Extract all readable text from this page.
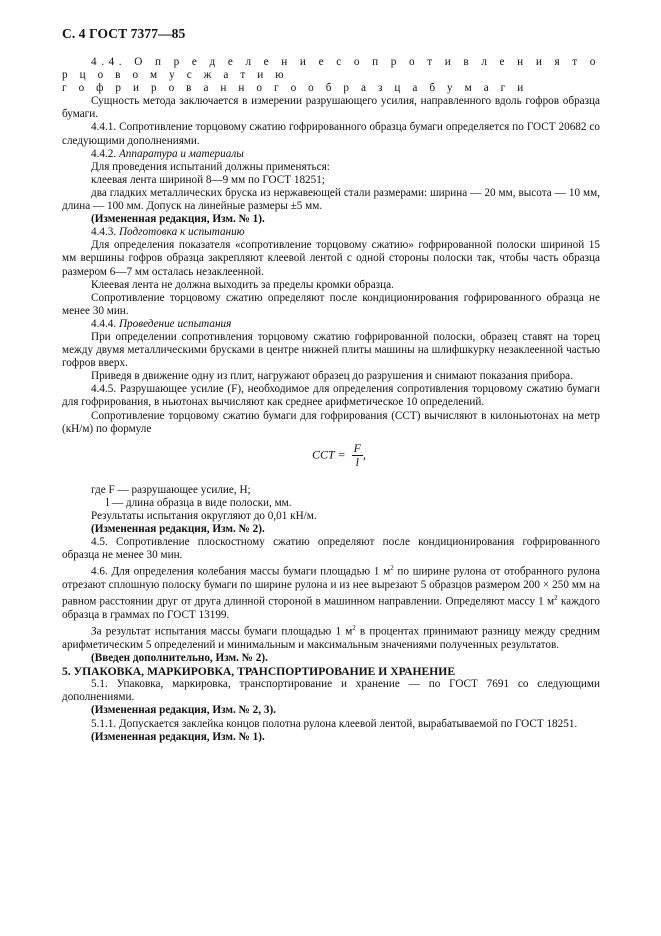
С. 4 ГОСТ 7377—85

4.4. О п р е д е л е н и е с о п р о т и в л е н и я т о р ц о в о м у с ж а т и ю

г о ф р и р о в а н н о г о о б р а з ц а б у м а г и

Сущность метода заключается в измерении разрушающего усилия, направленного вдоль гофров образца бумаги.

4.4.1. Сопротивление торцовому сжатию гофрированного образца бумаги определяется по ГОСТ 20682 со следующими дополнениями.

4.4.2. Аппаратура и материалы

Для проведения испытаний должны применяться:

клеевая лента шириной 8—9 мм по ГОСТ 18251;

два гладких металлических бруска из нержавеющей стали размерами: ширина — 20 мм, высота — 10 мм, длина — 100 мм. Допуск на линейные размеры ±5 мм.

(Измененная редакция, Изм. № 1).

4.4.3. Подготовка к испытанию

Для определения показателя «сопротивление торцовому сжатию» гофрированной полоски шириной 15 мм вершины гофров образца закрепляют клеевой лентой с одной стороны полоски так, чтобы часть образца размером 6—7 мм осталась незаклеенной.

Клеевая лента не должна выходить за пределы кромки образца.

Сопротивление торцовому сжатию определяют после кондиционирования гофрированного образца не менее 30 мин.

4.4.4. Проведение испытания

При определении сопротивления торцовому сжатию гофрированной полоски, образец ставят на торец между двумя металлическими брусками в центре нижней плиты машины на шлифшкурку незаклеенной частью гофров вверх.

Приведя в движение одну из плит, нагружают образец до разрушения и снимают показания прибора.

4.4.5. Разрушающее усилие (F), необходимое для определения сопротивления торцовому сжатию бумаги для гофрирования, в ньютонах вычисляют как среднее арифметическое 10 определений.

Сопротивление торцовому сжатию бумаги для гофрирования (ССТ) вычисляют в килоньютонах на метр (кН/м) по формуле

CCT = $\frac{F}{l}$ ,

где F — разрушающее усилие, Н;

l — длина образца в виде полоски, мм.

Результаты испытания округляют до 0,01 кН/м.

(Измененная редакция, Изм. № 2).

4.5. Сопротивление плоскостному сжатию определяют после кондиционирования гофрированного образца не менее 30 мин.

4.6. Для определения колебания массы бумаги площадью 1 $м^2$ по ширине рулона от отобранного рулона отрезают сплошную полоску бумаги по ширине рулона и из нее вырезают 5 образцов размером 200 × 250 мм на равном расстоянии друг от друга длинной стороной в машинном направлении. Определяют массу 1 $м^2$ каждого образца в граммах по ГОСТ 13199.

За результат испытания массы бумаги площадью 1 $м^2$ в процентах принимают разницу между средним арифметическим 5 определений и минимальным и максимальным значениями полученных результатов.

(Введен дополнительно, Изм. № 2).

5. УПАКОВКА, МАРКИРОВКА, ТРАНСПОРТИРОВАНИЕ И ХРАНЕНИЕ

5.1. Упаковка, маркировка, транспортирование и хранение — по ГОСТ 7691 со следующими дополнениями.

(Измененная редакция, Изм. № 2, 3).

5.1.1. Допускается заклейка концов полотна рулона клеевой лентой, вырабатываемой по ГОСТ 18251.

(Измененная редакция, Изм. № 1).
